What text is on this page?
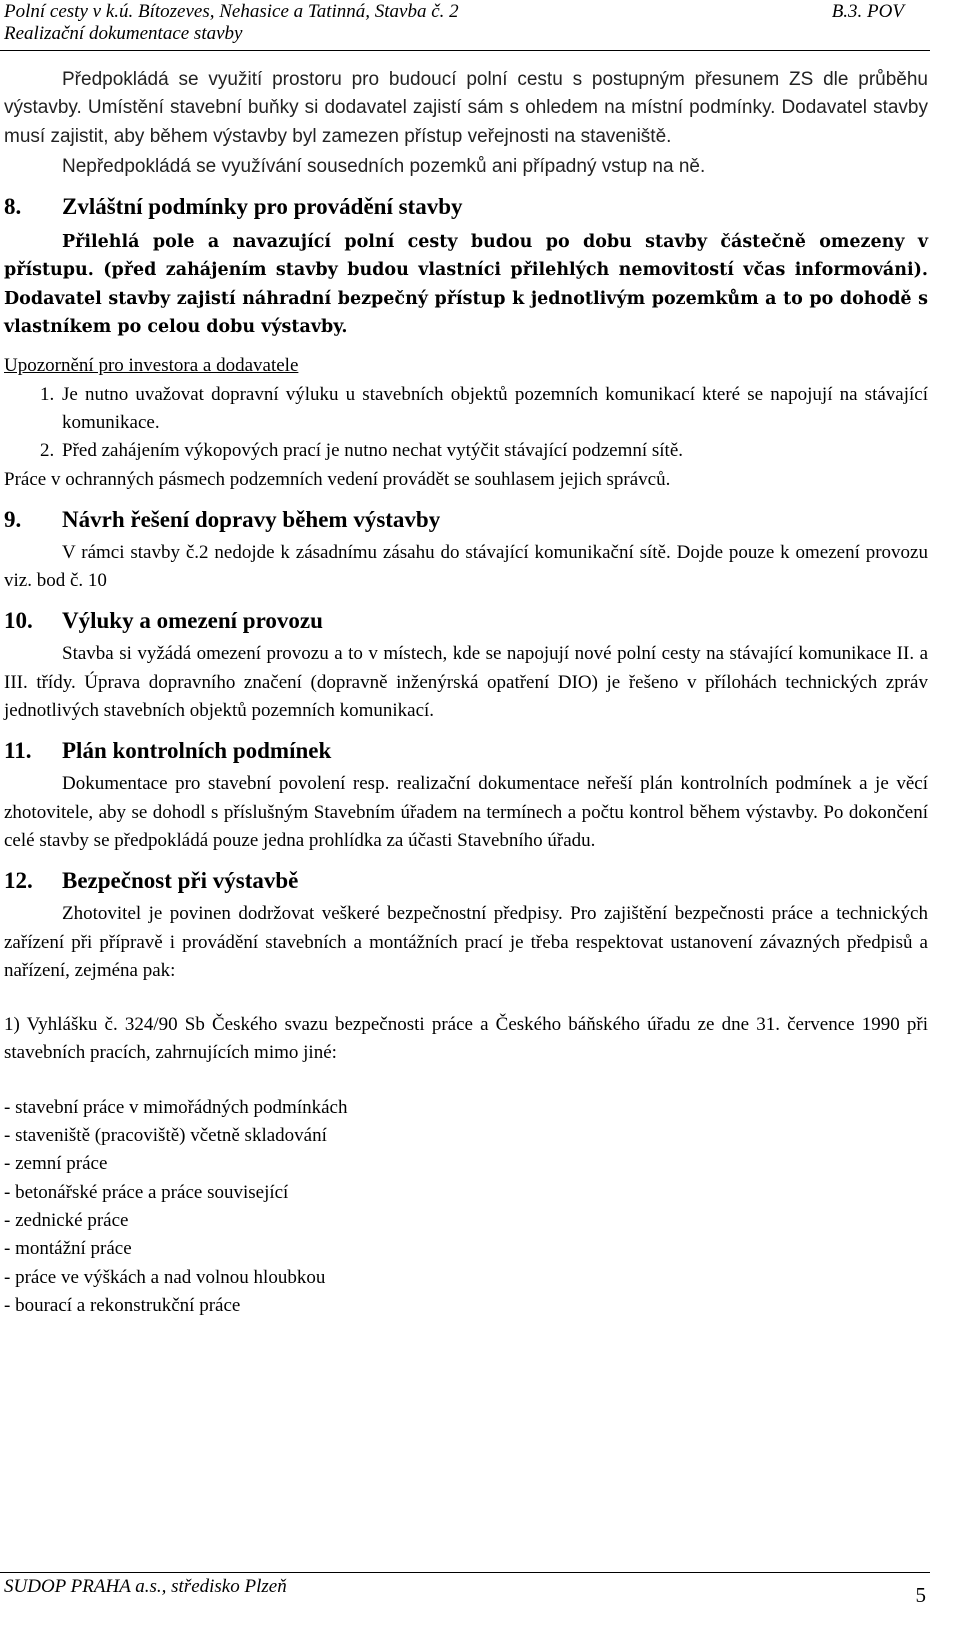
Polní cesty v k.ú. Bítozeves, Nehasice a Tatinná, Stavba č. 2	B.3. POV
Realizační dokumentace stavby

Předpokládá se využití prostoru pro budoucí polní cestu s postupným přesunem ZS dle průběhu výstavby. Umístění stavební buňky si dodavatel zajistí sám s ohledem na místní podmínky. Dodavatel stavby musí zajistit, aby během výstavby byl zamezen přístup veřejnosti na staveniště.

Nepředpokládá se využívání sousedních pozemků ani případný vstup na ně.

8. Zvláštní podmínky pro provádění stavby

Přilehlá pole a navazující polní cesty budou po dobu stavby částečně omezeny v přístupu. (před zahájením stavby budou vlastníci přilehlých nemovitostí včas informováni). Dodavatel stavby zajistí náhradní bezpečný přístup k jednotlivým pozemkům a to po dohodě s vlastníkem po celou dobu výstavby.

Upozornění pro investora a dodavatele

1. Je nutno uvažovat dopravní výluku u stavebních objektů pozemních komunikací které se napojují na stávající komunikace.

2. Před zahájením výkopových prací je nutno nechat vytýčit stávající podzemní sítě.

Práce v ochranných pásmech podzemních vedení provádět se souhlasem jejich správců.

9. Návrh řešení dopravy během výstavby

V rámci stavby č.2 nedojde k zásadnímu zásahu do stávající komunikační sítě. Dojde pouze k omezení provozu viz. bod č. 10

10. Výluky a omezení provozu

Stavba si vyžádá omezení provozu a to v místech, kde se napojují nové polní cesty na stávající komunikace II. a III. třídy. Úprava dopravního značení (dopravně inženýrská opatření DIO) je řešeno v přílohách technických zpráv jednotlivých stavebních objektů pozemních komunikací.

11. Plán kontrolních podmínek

Dokumentace pro stavební povolení resp. realizační dokumentace neřeší plán kontrolních podmínek a je věcí zhotovitele, aby se dohodl s příslušným Stavebním úřadem na termínech a počtu kontrol během výstavby. Po dokončení celé stavby se předpokládá pouze jedna prohlídka za účasti Stavebního úřadu.

12. Bezpečnost při výstavbě

Zhotovitel je povinen dodržovat veškeré bezpečnostní předpisy. Pro zajištění bezpečnosti práce a technických zařízení při přípravě i provádění stavebních a montážních prací je třeba respektovat ustanovení závazných předpisů a nařízení, zejména pak:

1) Vyhlášku č. 324/90 Sb Českého svazu bezpečnosti práce a Českého báňského úřadu ze dne 31. července 1990 při stavebních pracích, zahrnujících mimo jiné:

- stavební práce v mimořádných podmínkách

- staveniště (pracoviště) včetně skladování

- zemní práce

- betonářské práce a práce související

- zednické práce

- montážní práce

- práce ve výškách a nad volnou hloubkou

- bourací a rekonstrukční práce

SUDOP PRAHA a.s., středisko Plzeň	5
